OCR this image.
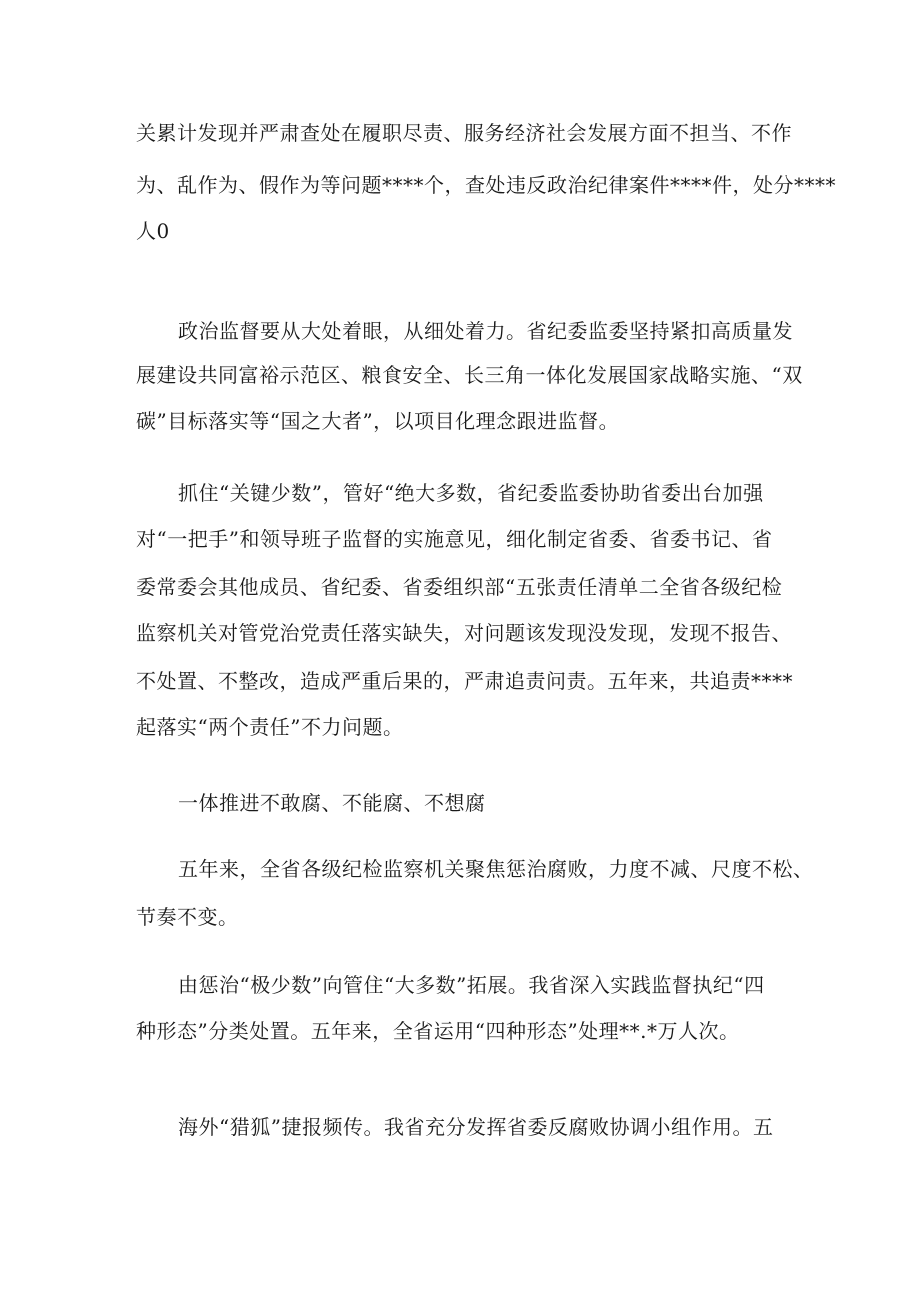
关累计发现并严肃查处在履职尽责、服务经济社会发展方面不担当、不作
为、乱作为、假作为等问题****个，查处违反政治纪律案件****件，处分****
人0
政治监督要从大处着眼，从细处着力。省纪委监委坚持紧扣高质量发
展建设共同富裕示范区、粮食安全、长三角一体化发展国家战略实施、“双
碳”目标落实等“国之大者”，以项目化理念跟进监督。
抓住“关键少数”，管好“绝大多数，省纪委监委协助省委出台加强
对“一把手”和领导班子监督的实施意见，细化制定省委、省委书记、省
委常委会其他成员、省纪委、省委组织部“五张责任清单二全省各级纪检
监察机关对管党治党责任落实缺失，对问题该发现没发现，发现不报告、
不处置、不整改，造成严重后果的，严肃追责问责。五年来，共追责****
起落实“两个责任”不力问题。
一体推进不敢腐、不能腐、不想腐
五年来，全省各级纪检监察机关聚焦惩治腐败，力度不减、尺度不松、
节奏不变。
由惩治“极少数”向管住“大多数”拓展。我省深入实践监督执纪“四
种形态”分类处置。五年来，全省运用“四种形态”处理**.*万人次。
海外“猎狐”捷报频传。我省充分发挥省委反腐败协调小组作用。五
